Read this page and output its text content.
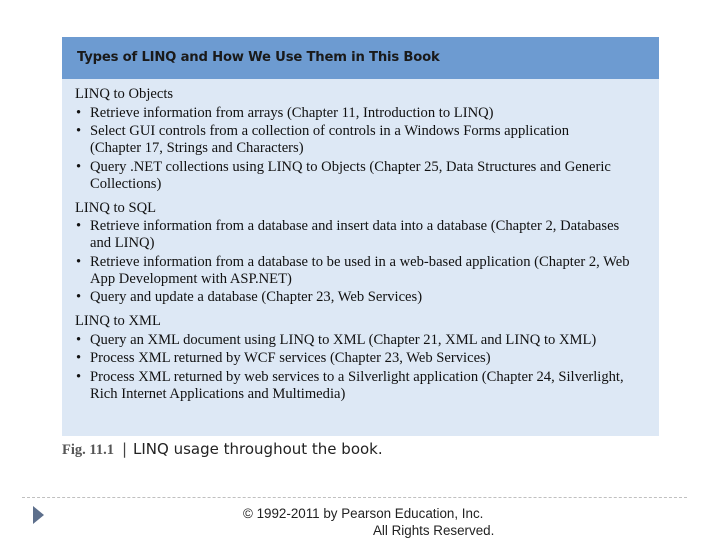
Types of LINQ and How We Use Them in This Book
LINQ to Objects
• Retrieve information from arrays (Chapter 11, Introduction to LINQ)
• Select GUI controls from a collection of controls in a Windows Forms application
(Chapter 17, Strings and Characters)
• Query .NET collections using LINQ to Objects (Chapter 25, Data Structures and Generic
Collections)
LINQ to SQL
• Retrieve information from a database and insert data into a database (Chapter 2, Databases
and LINQ)
• Retrieve information from a database to be used in a web-based application (Chapter 2, Web
App Development with ASP.NET)
• Query and update a database (Chapter 23, Web Services)
LINQ to XML
• Query an XML document using LINQ to XML (Chapter 21, XML and LINQ to XML)
• Process XML returned by WCF services (Chapter 23, Web Services)
• Process XML returned by web services to a Silverlight application (Chapter 24, Silverlight,
Rich Internet Applications and Multimedia)
Fig. 11.1 | LINQ usage throughout the book.
© 1992-2011 by Pearson Education, Inc.
All Rights Reserved.
